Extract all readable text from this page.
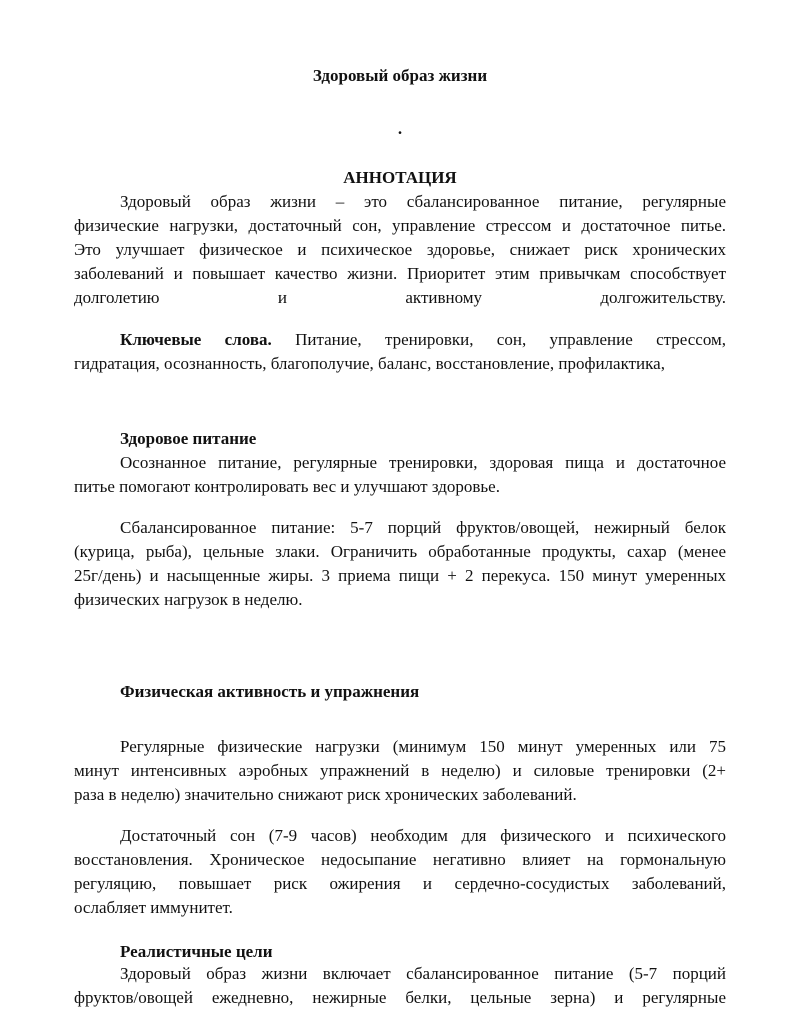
Здоровый образ жизни
.
АННОТАЦИЯ
Здоровый образ жизни – это сбалансированное питание, регулярные
физические нагрузки, достаточный сон, управление стрессом и достаточное питье.
Это улучшает физическое и психическое здоровье, снижает риск хронических
заболеваний и повышает качество жизни. Приоритет этим привычкам способствует
долголетию	и	активному	долгожительству.
Ключевые слова. Питание, тренировки, сон, управление стрессом,
гидратация, осознанность, благополучие, баланс, восстановление, профилактика,
Здоровое питание
Осознанное питание, регулярные тренировки, здоровая пища и достаточное
питье помогают контролировать вес и улучшают здоровье.
Сбалансированное питание: 5-7 порций фруктов/овощей, нежирный белок
(курица, рыба), цельные злаки. Ограничить обработанные продукты, сахар (менее
25г/день) и насыщенные жиры. 3 приема пищи + 2 перекуса. 150 минут умеренных
физических нагрузок в неделю.
Физическая активность и упражнения
Регулярные физические нагрузки (минимум 150 минут умеренных или 75
минут интенсивных аэробных упражнений в неделю) и силовые тренировки (2+
раза в неделю) значительно снижают риск хронических заболеваний.
Достаточный сон (7-9 часов) необходим для физического и психического
восстановления. Хроническое недосыпание негативно влияет на гормональную
регуляцию, повышает риск ожирения и сердечно-сосудистых заболеваний,
ослабляет иммунитет.
Реалистичные цели
Здоровый образ жизни включает сбалансированное питание (5-7 порций
фруктов/овощей ежедневно, нежирные белки, цельные зерна) и регулярные
